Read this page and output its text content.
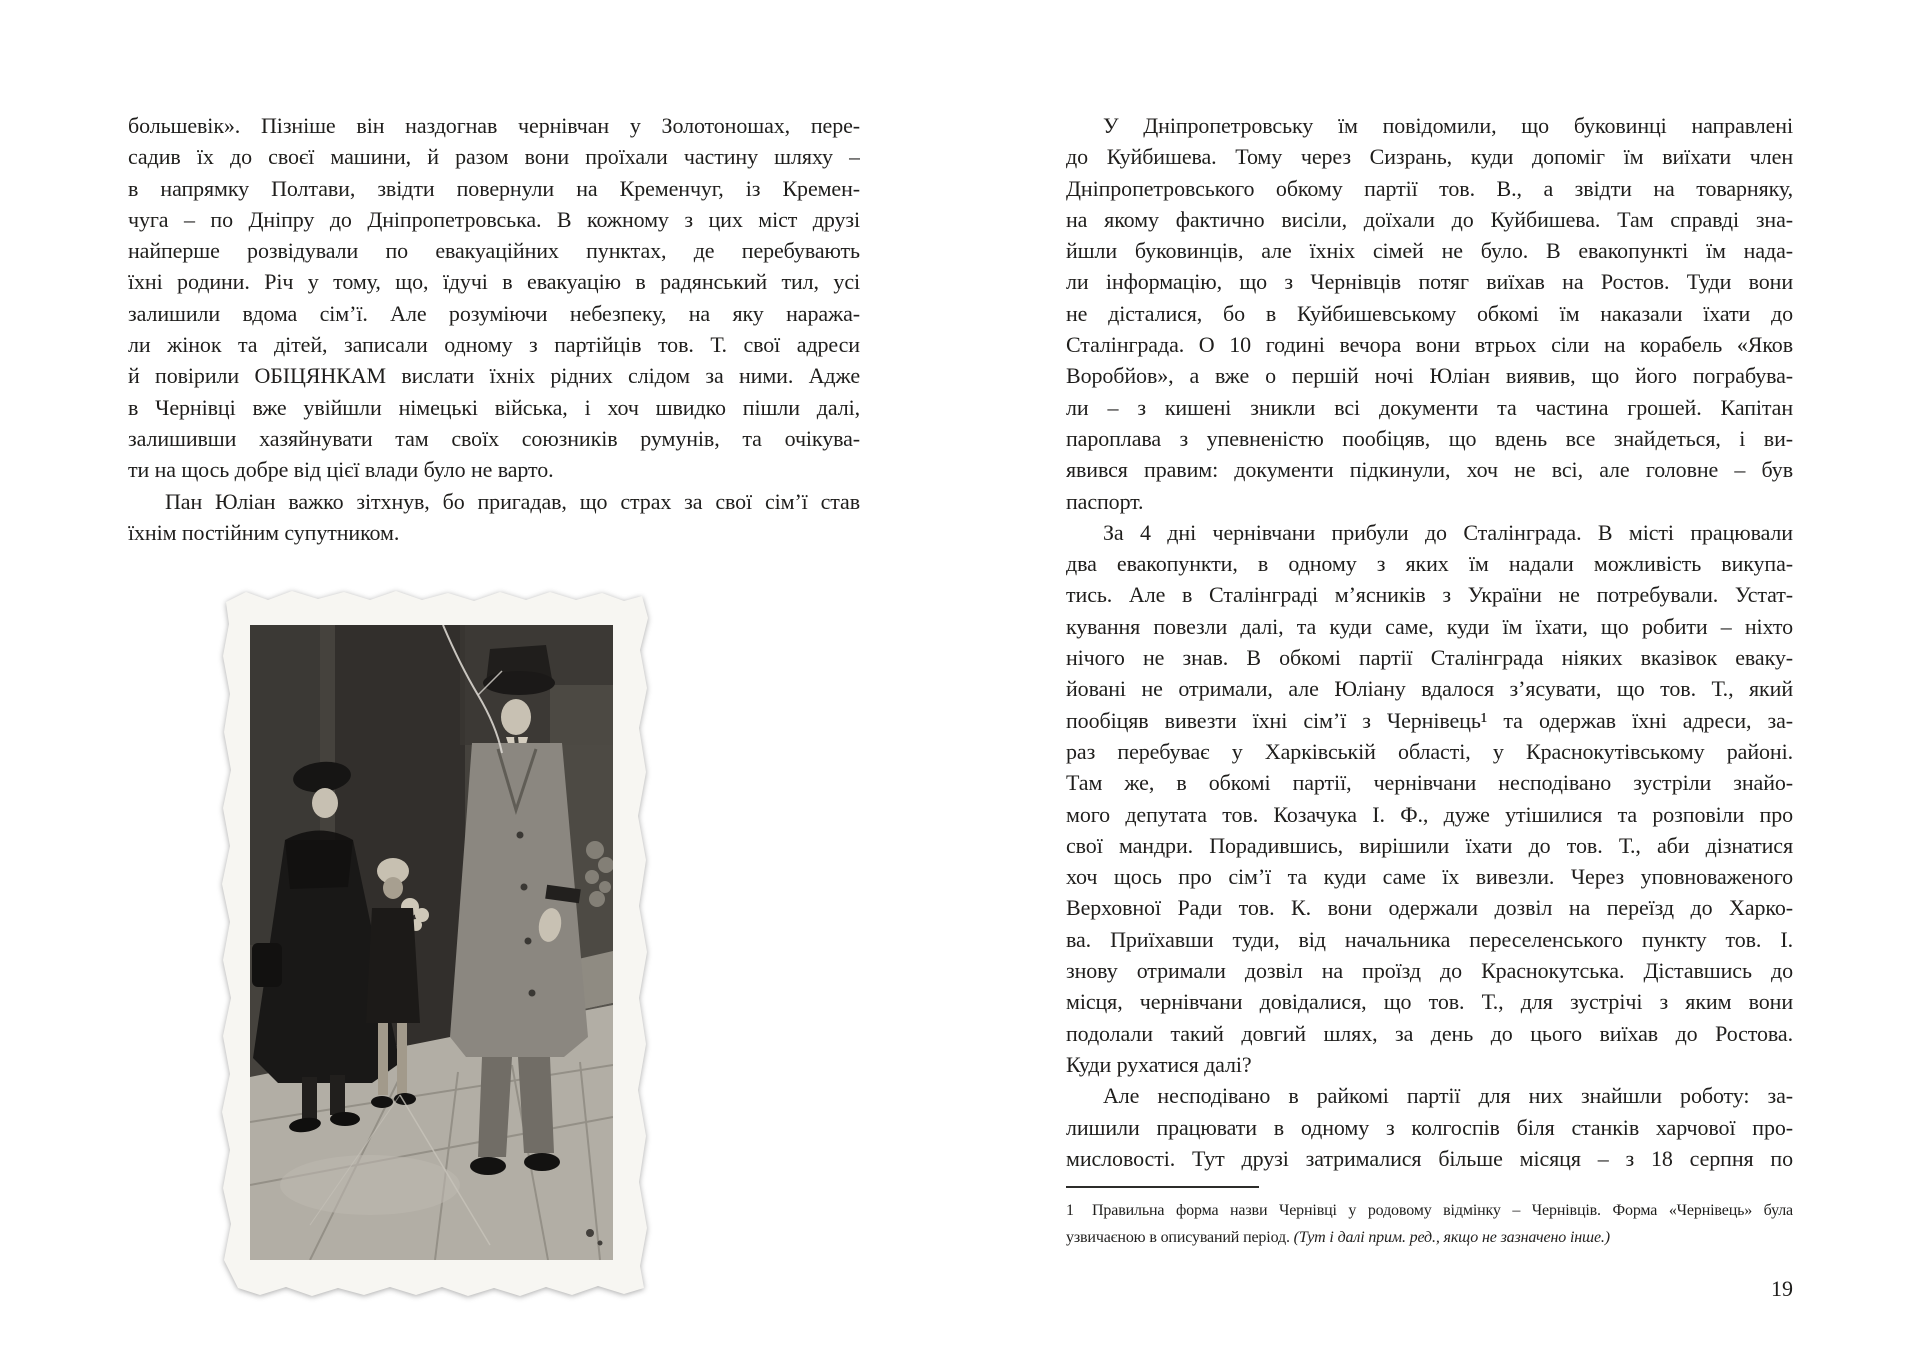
большевік». Пізніше він наздогнав чернівчан у Золотоношах, пере-
садив їх до своєї машини, й разом вони проїхали частину шляху –
в напрямку Полтави, звідти повернули на Кременчуг, із Кремен-
чуга – по Дніпру до Дніпропетровська. В кожному з цих міст друзі
найперше розвідували по евакуаційних пунктах, де перебувають
їхні родини. Річ у тому, що, їдучі в евакуацію в радянський тил, усі
залишили вдома сім’ї. Але розуміючи небезпеку, на яку наража-
ли жінок та дітей, записали одному з партійців тов. Т. свої адреси
й повірили ОБІЦЯНКАМ вислати їхніх рідних слідом за ними. Адже
в Чернівці вже увійшли німецькі війська, і хоч швидко пішли далі,
залишивши хазяйнувати там своїх союзників румунів, та очікува-
ти на щось добре від цієї влади було не варто.
Пан Юліан важко зітхнув, бо пригадав, що страх за свої сім’ї став
їхнім постійним супутником.
У Дніпропетровську їм повідомили, що буковинці направлені
до Куйбишева. Тому через Сизрань, куди допоміг їм виїхати член
Дніпропетровського обкому партії тов. В., а звідти на товарняку,
на якому фактично висіли, доїхали до Куйбишева. Там справді зна-
йшли буковинців, але їхніх сімей не було. В евакопункті їм нада-
ли інформацію, що з Чернівців потяг виїхав на Ростов. Туди вони
не дісталися, бо в Куйбишевському обкомі їм наказали їхати до
Сталінграда. О 10 годині вечора вони втрьох сіли на корабель «Яков
Воробйов», а вже о першій ночі Юліан виявив, що його пограбува-
ли – з кишені зникли всі документи та частина грошей. Капітан
пароплава з упевненістю пообіцяв, що вдень все знайдеться, і ви-
явився правим: документи підкинули, хоч не всі, але головне – був
паспорт.
За 4 дні чернівчани прибули до Сталінграда. В місті працювали
два евакопункти, в одному з яких їм надали можливість викупа-
тись. Але в Сталінграді м’ясників з України не потребували. Устат-
кування повезли далі, та куди саме, куди їм їхати, що робити – ніхто
нічого не знав. В обкомі партії Сталінграда ніяких вказівок еваку-
йовані не отримали, але Юліану вдалося з’ясувати, що тов. Т., який
пообіцяв вивезти їхні сім’ї з Чернівець¹ та одержав їхні адреси, за-
раз перебуває у Харківській області, у Краснокутівському районі.
Там же, в обкомі партії, чернівчани несподівано зустріли знайо-
мого депутата тов. Козачука І. Ф., дуже утішилися та розповіли про
свої мандри. Порадившись, вирішили їхати до тов. Т., аби дізнатися
хоч щось про сім’ї та куди саме їх вивезли. Через уповноваженого
Верховної Ради тов. К. вони одержали дозвіл на переїзд до Харко-
ва. Приїхавши туди, від начальника переселенського пункту тов. І.
знову отримали дозвіл на проїзд до Краснокутська. Діставшись до
місця, чернівчани довідалися, що тов. Т., для зустрічі з яким вони
подолали такий довгий шлях, за день до цього виїхав до Ростова.
Куди рухатися далі?
Але несподівано в райкомі партії для них знайшли роботу: за-
лишили працювати в одному з колгоспів біля станків харчової про-
мисловості. Тут друзі затрималися більше місяця – з 18 серпня по
1 Правильна форма назви Чернівці у родовому відмінку – Чернівців. Форма «Чернівець» була
узвичаєною в описуваний період. (Тут і далі прим. ред., якщо не зазначено інше.)
19
